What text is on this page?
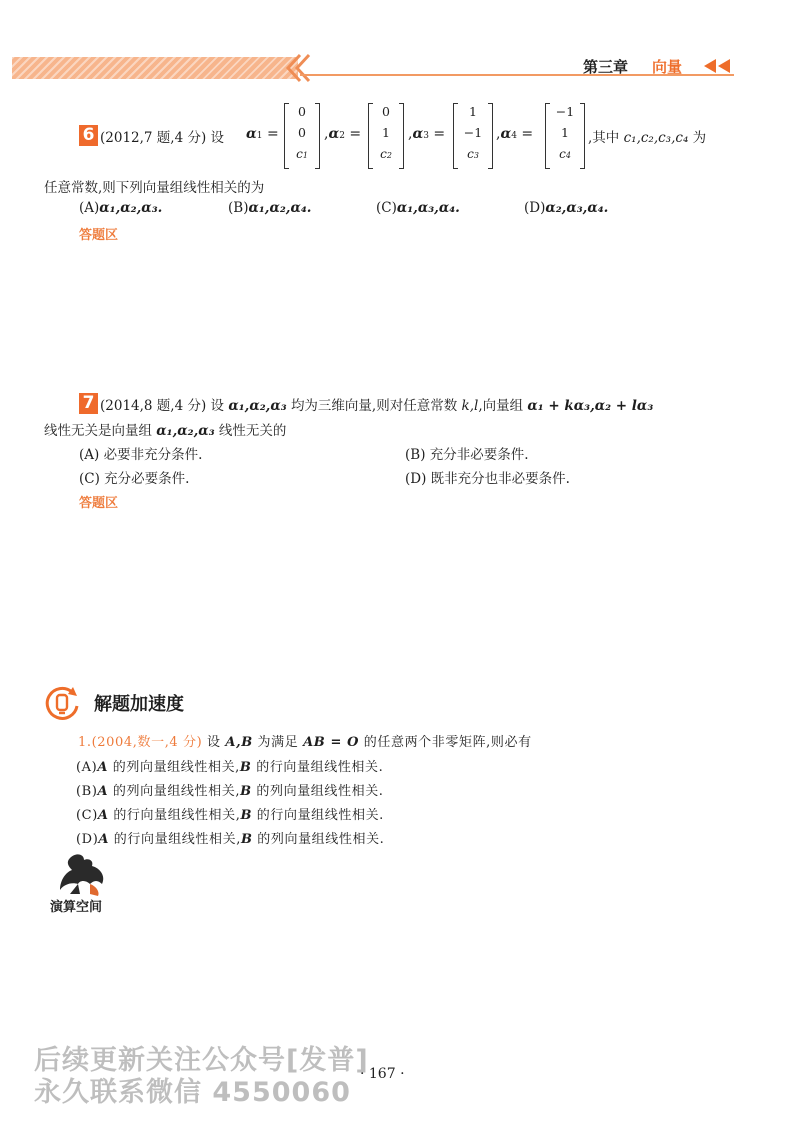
第三章 向量
6 (2012,7 题,4 分) 设 α1 =
0
0
c1
,α2 =
0
1
c2
,α3 =
1
−1
c3
,α4 =
−1
1
c4
,其中 c₁,c₂,c₃,c₄ 为
任意常数,则下列向量组线性相关的为
(A)α₁,α₂,α₃.	(B)α₁,α₂,α₄.	(C)α₁,α₃,α₄.	(D)α₂,α₃,α₄.
答题区
7 (2014,8 题,4 分) 设 α₁,α₂,α₃ 均为三维向量,则对任意常数 k,l,向量组 α₁ + kα₃,α₂ + lα₃
线性无关是向量组 α₁,α₂,α₃ 线性无关的
(A) 必要非充分条件.	(B) 充分非必要条件.
(C) 充分必要条件.	(D) 既非充分也非必要条件.
答题区
解题加速度
1.(2004,数一,4 分) 设 A,B 为满足 AB = O 的任意两个非零矩阵,则必有
(A)A 的列向量组线性相关,B 的行向量组线性相关.
(B)A 的列向量组线性相关,B 的列向量组线性相关.
(C)A 的行向量组线性相关,B 的行向量组线性相关.
(D)A 的行向量组线性相关,B 的列向量组线性相关.
演算空间
· 167 ·
后续更新关注公众号[发普]
永久联系微信 4550060
